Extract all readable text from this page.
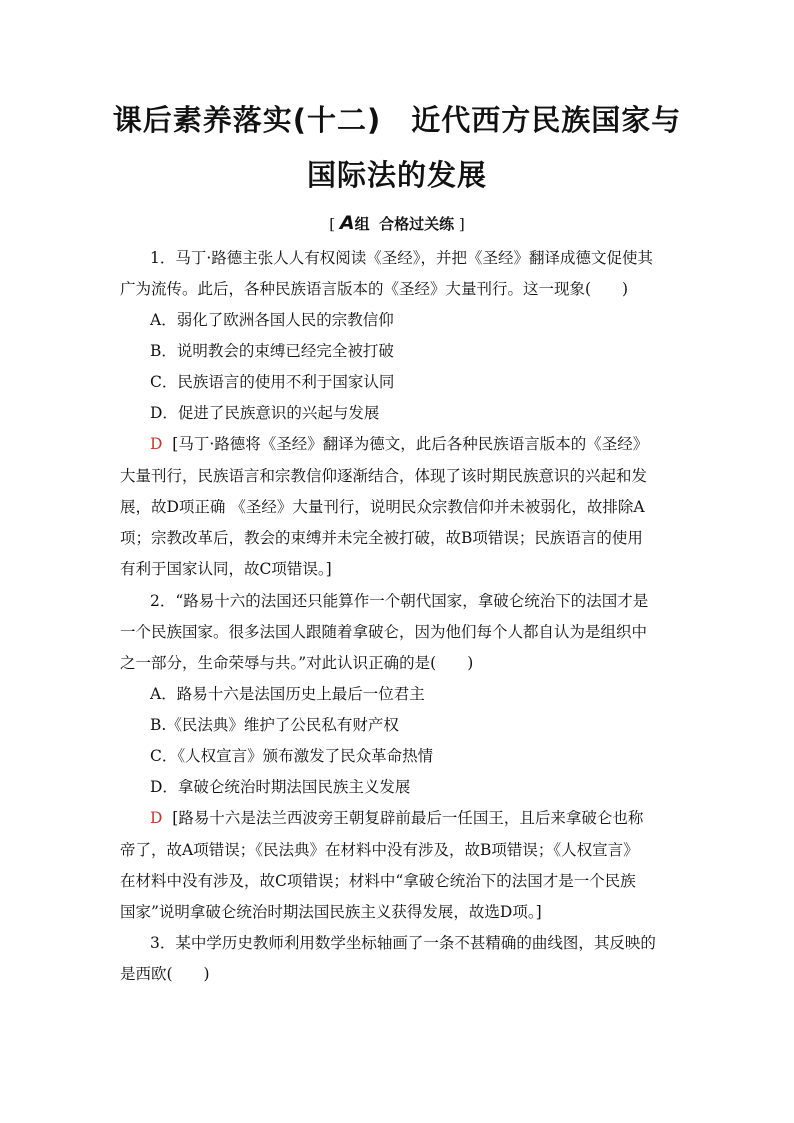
课后素养落实(十二) 近代西方民族国家与
国际法的发展
[ A组 合格过关练 ]
1．马丁·路德主张人人有权阅读《圣经》，并把《圣经》翻译成德文促使其
广为流传。此后，各种民族语言版本的《圣经》大量刊行。这一现象(　　)
A．弱化了欧洲各国人民的宗教信仰
B．说明教会的束缚已经完全被打破
C．民族语言的使用不利于国家认同
D．促进了民族意识的兴起与发展
D [马丁·路德将《圣经》翻译为德文，此后各种民族语言版本的《圣经》
大量刊行，民族语言和宗教信仰逐渐结合，体现了该时期民族意识的兴起和发
展，故D项正确 《圣经》大量刊行，说明民众宗教信仰并未被弱化，故排除A
项；宗教改革后，教会的束缚并未完全被打破，故B项错误；民族语言的使用
有利于国家认同，故C项错误。]
2．“路易十六的法国还只能算作一个朝代国家，拿破仑统治下的法国才是
一个民族国家。很多法国人跟随着拿破仑，因为他们每个人都自认为是组织中
之一部分，生命荣辱与共。”对此认识正确的是(　　)
A．路易十六是法国历史上最后一位君主
B.《民法典》维护了公民私有财产权
C．《人权宣言》颁布激发了民众革命热情
D．拿破仑统治时期法国民族主义发展
D [路易十六是法兰西波旁王朝复辟前最后一任国王，且后来拿破仑也称
帝了，故A项错误；《民法典》在材料中没有涉及，故B项错误；《人权宣言》
在材料中没有涉及，故C项错误；材料中“拿破仑统治下的法国才是一个民族
国家”说明拿破仑统治时期法国民族主义获得发展，故选D项。]
3．某中学历史教师利用数学坐标轴画了一条不甚精确的曲线图，其反映的
是西欧(　　)
